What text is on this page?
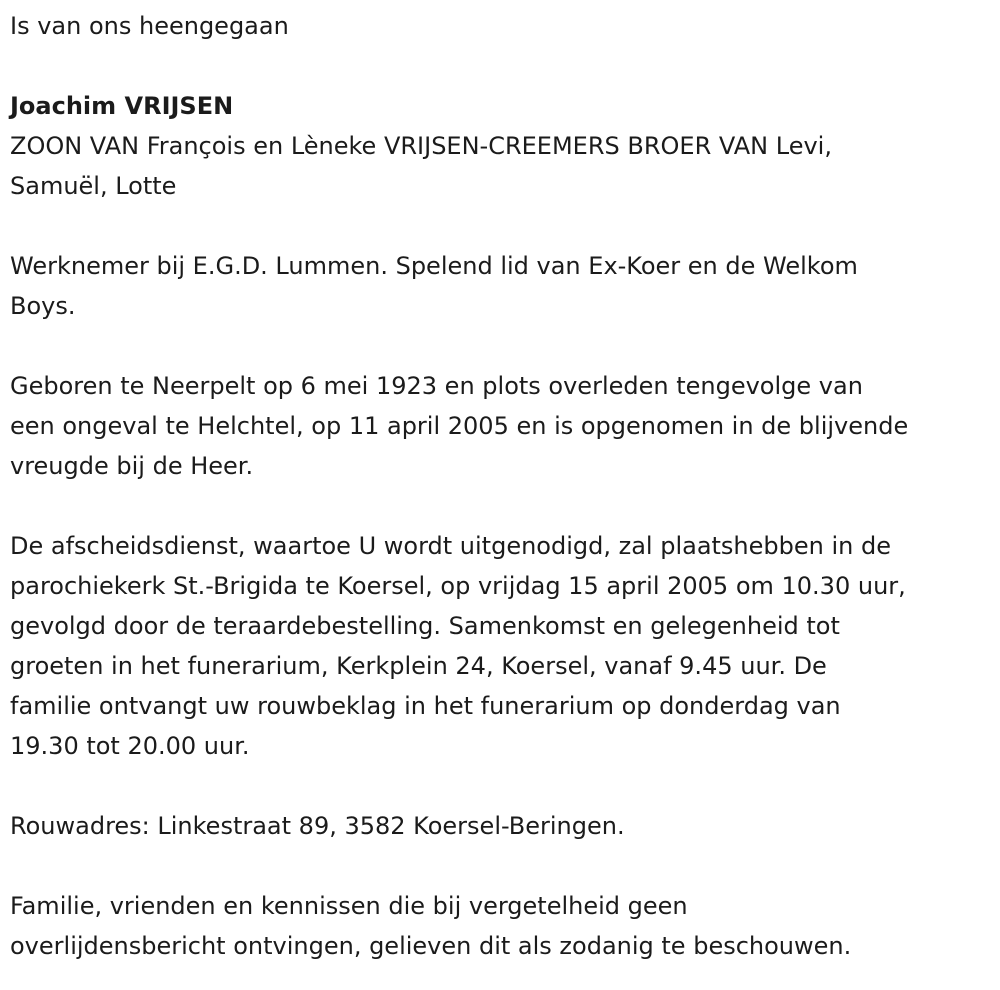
Is van ons heengegaan

Joachim VRIJSEN

ZOON VAN François en Lèneke VRIJSEN-CREEMERS BROER VAN Levi,

Samuël, Lotte

Werknemer bij E.G.D. Lummen. Spelend lid van Ex-Koer en de Welkom

Boys.

Geboren te Neerpelt op 6 mei 1923 en plots overleden tengevolge van

een ongeval te Helchtel, op 11 april 2005 en is opgenomen in de blijvende

vreugde bij de Heer.

De afscheidsdienst, waartoe U wordt uitgenodigd, zal plaatshebben in de

parochiekerk St.-Brigida te Koersel, op vrijdag 15 april 2005 om 10.30 uur,

gevolgd door de teraardebestelling. Samenkomst en gelegenheid tot

groeten in het funerarium, Kerkplein 24, Koersel, vanaf 9.45 uur. De

familie ontvangt uw rouwbeklag in het funerarium op donderdag van

19.30 tot 20.00 uur.

Rouwadres: Linkestraat 89, 3582 Koersel-Beringen.

Familie, vrienden en kennissen die bij vergetelheid geen

overlijdensbericht ontvingen, gelieven dit als zodanig te beschouwen.
